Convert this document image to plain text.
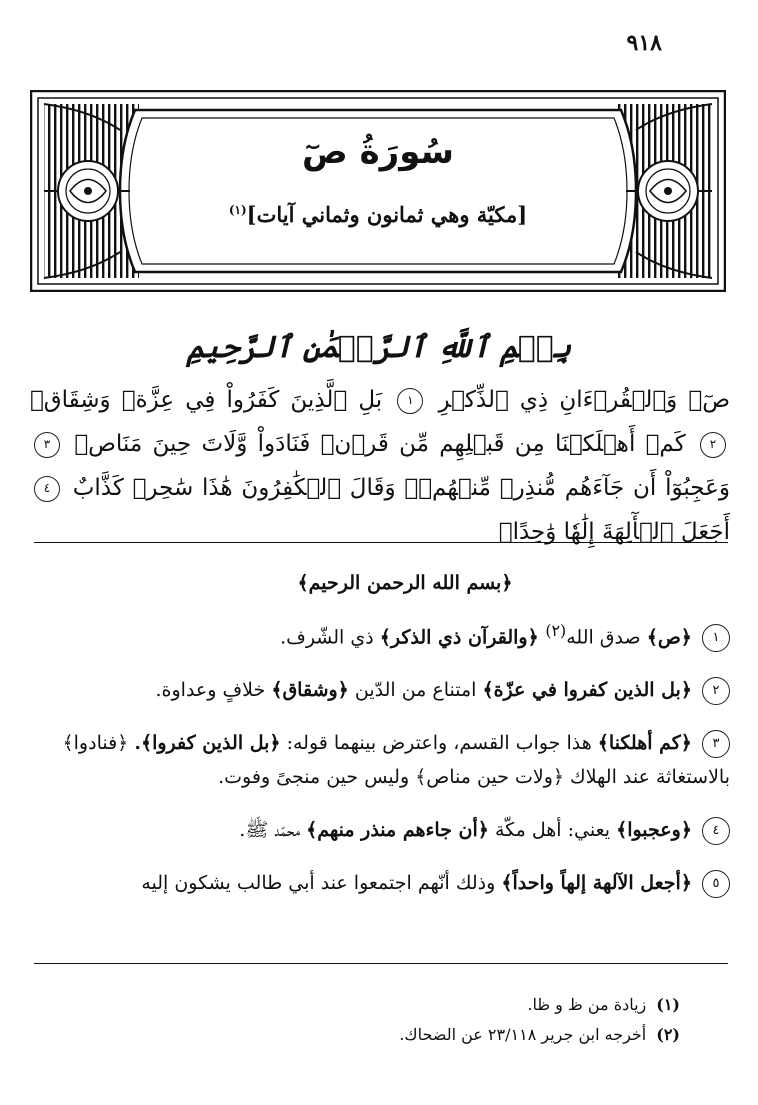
٩١٨
سُورَةُ صٓ
[مكيّة وهي ثمانون وثماني آيات]$^{(١)}$
بِسۡمِ ٱللَّهِ ٱلرَّحۡمَٰنِ ٱلرَّحِيمِ
صٓۚ وَٱلۡقُرۡءَانِ ذِي ٱلذِّكۡرِ ١ بَلِ ٱلَّذِينَ كَفَرُواْ فِي عِزَّةٖ وَشِقَاقٖ ٢ كَمۡ أَهۡلَكۡنَا مِن قَبۡلِهِم مِّن قَرۡنٖ فَنَادَواْ وَّلَاتَ حِينَ مَنَاصٖ ٣ وَعَجِبُوٓاْ أَن جَآءَهُم مُّنذِرٞ مِّنۡهُمۡۖ وَقَالَ ٱلۡكَٰفِرُونَ هَٰذَا سَٰحِرٞ كَذَّابٌ ٤ أَجَعَلَ ٱلۡأٓلِهَةَ إِلَٰهٗا وَٰحِدًاۖ
﴿بسم الله الرحمن الرحيم﴾
١ ﴿ص﴾ صدق الله$^{(٢)}$ ﴿والقرآن ذي الذكر﴾ ذي الشّرف.
٢ ﴿بل الذين كفروا في عزّة﴾ امتناع من الدّين ﴿وشقاق﴾ خلافٍ وعداوة.
٣ ﴿كم أهلكنا﴾ هذا جواب القسم، واعترض بينهما قوله: ﴿بل الذين كفروا﴾. ﴿فنادوا﴾ بالاستغاثة عند الهلاك ﴿ولات حين مناص﴾ وليس حين منجىً وفوت.
٤ ﴿وعجبوا﴾ يعني: أهل مكّة ﴿أن جاءهم منذر منهم﴾ محمّد ﷺ.
٥ ﴿أجعل الآلهة إلهاً واحداً﴾ وذلك أنّهم اجتمعوا عند أبي طالب يشكون إليه
(١)زيادة من ظ و ظا.
(٢)أخرجه ابن جرير ٢٣/١١٨ عن الضحاك.
